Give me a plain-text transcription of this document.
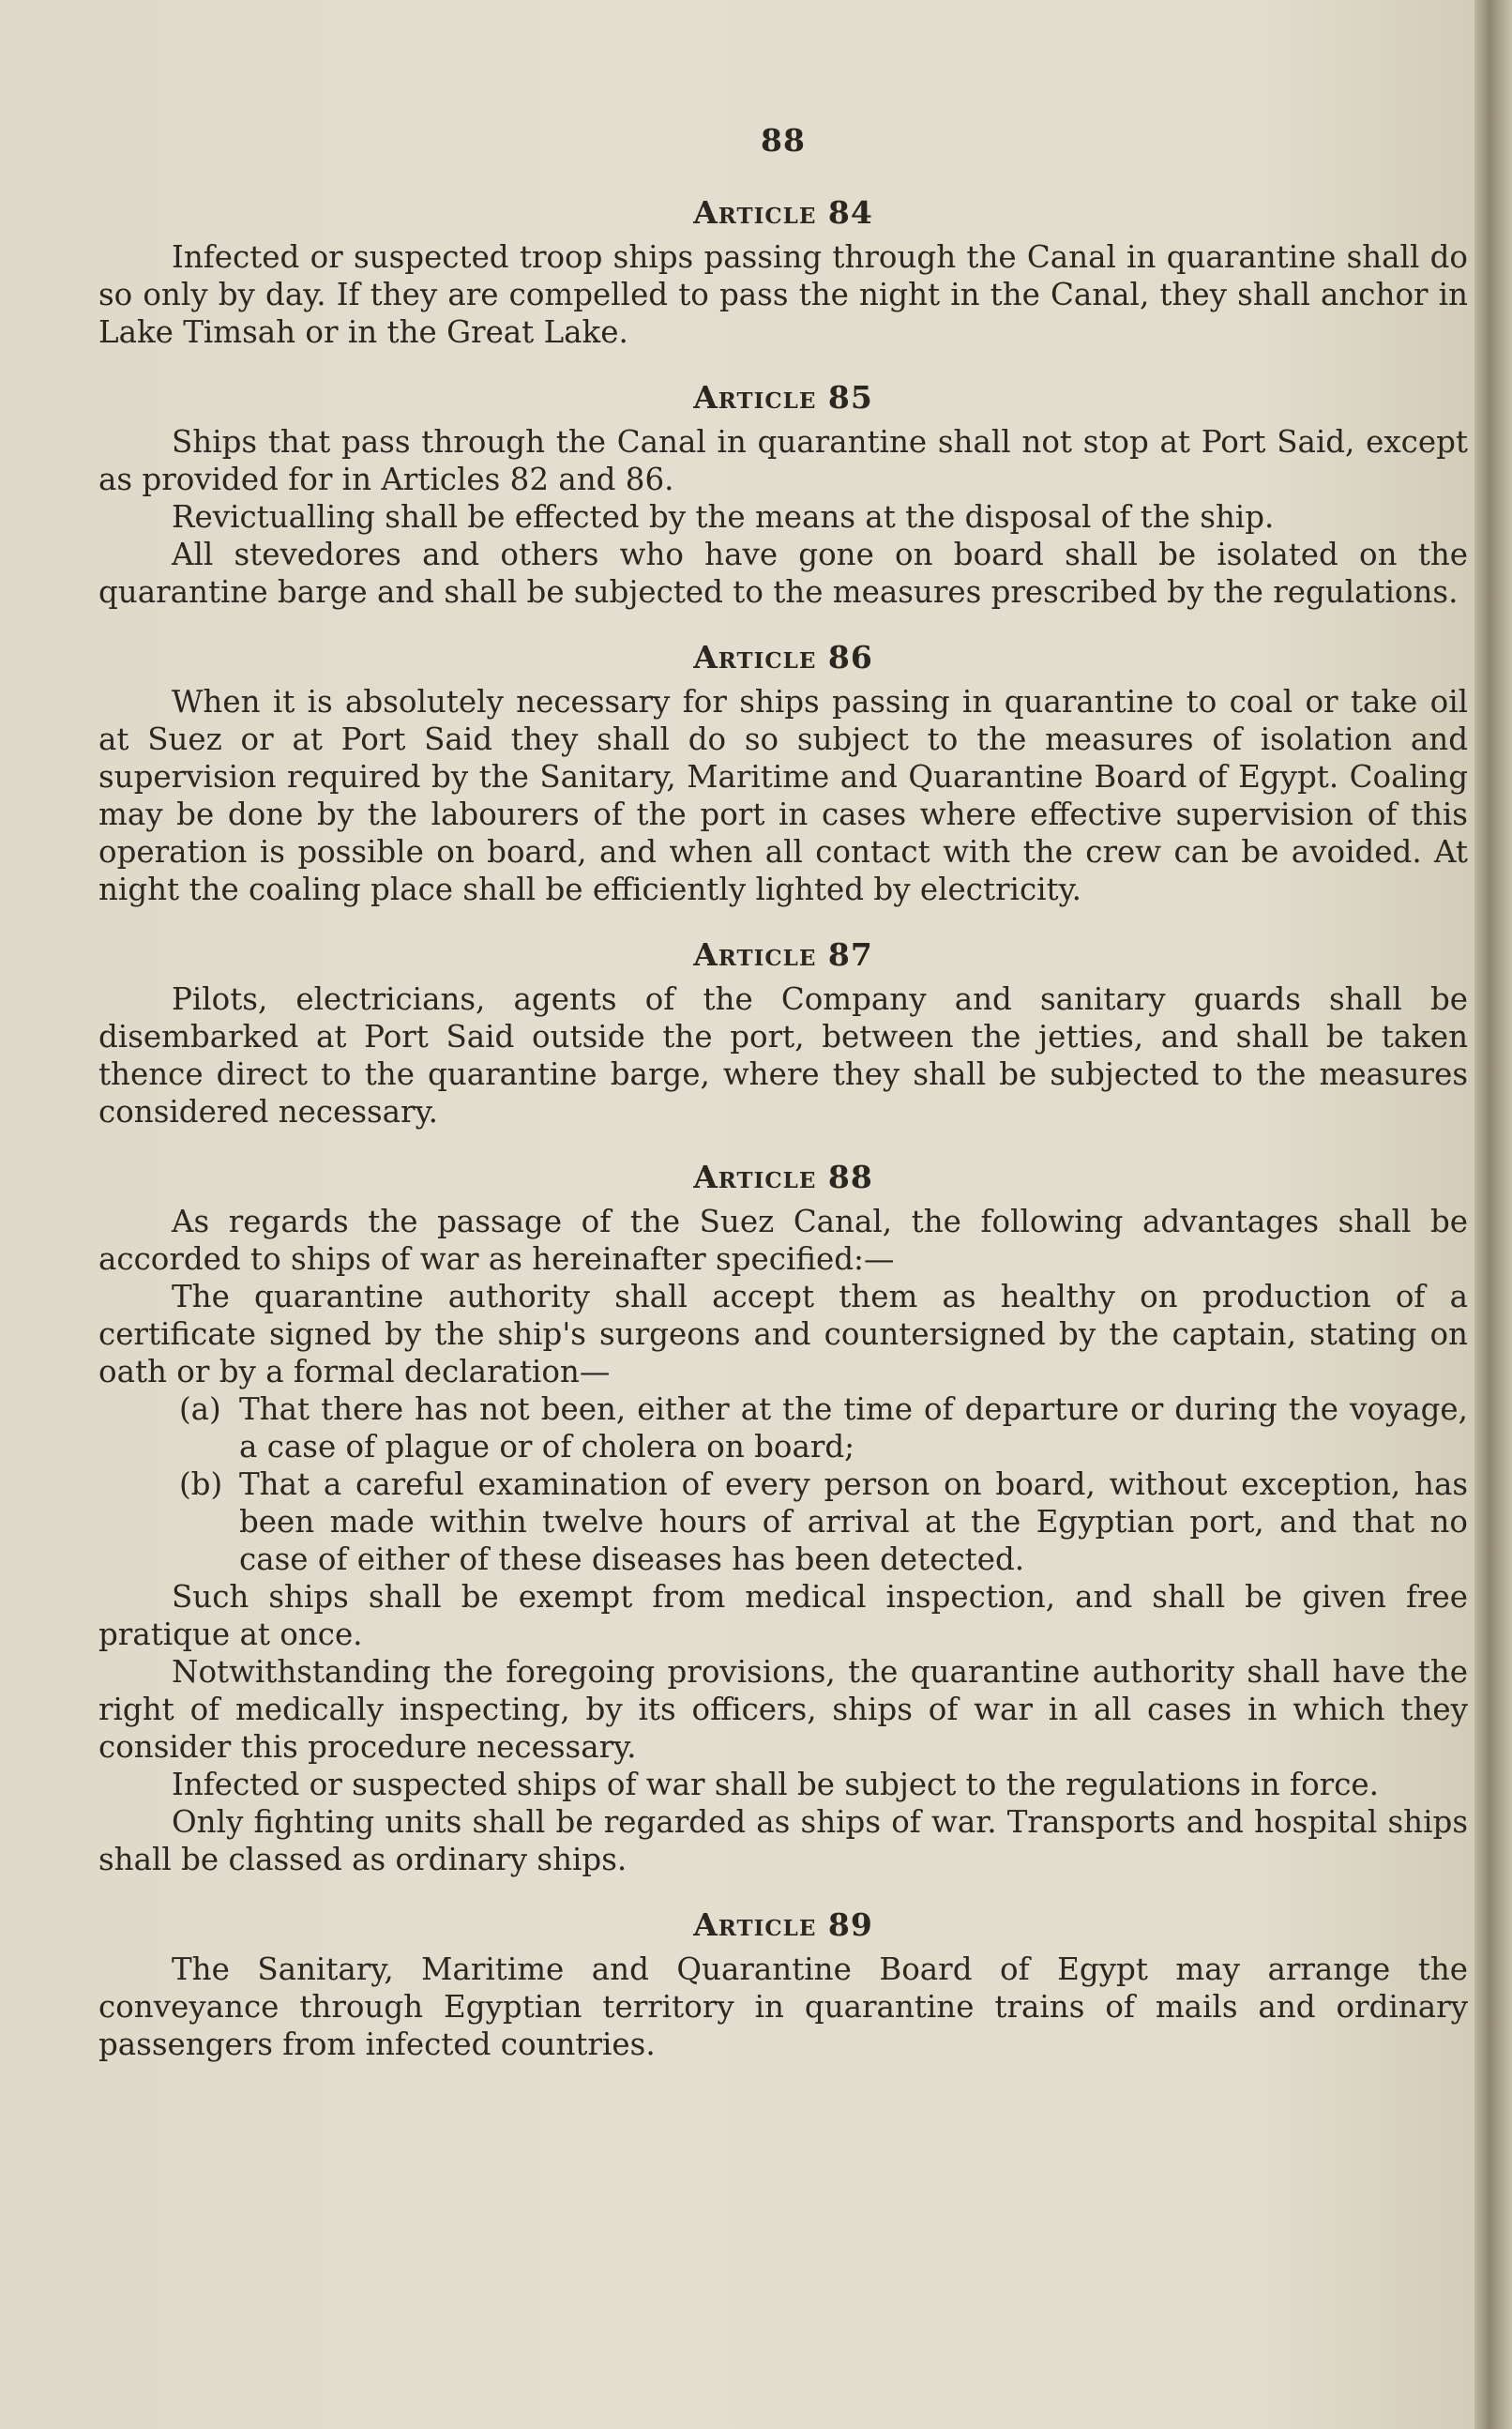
88
Article 84

Infected or suspected troop ships passing through the Canal in quarantine shall do so only by day. If they are compelled to pass the night in the Canal, they shall anchor in Lake Timsah or in the Great Lake.

Article 85

Ships that pass through the Canal in quarantine shall not stop at Port Said, except as provided for in Articles 82 and 86.

Revictualling shall be effected by the means at the disposal of the ship.

All stevedores and others who have gone on board shall be isolated on the quarantine barge and shall be subjected to the measures prescribed by the regulations.

Article 86

When it is absolutely necessary for ships passing in quarantine to coal or take oil at Suez or at Port Said they shall do so subject to the measures of isolation and supervision required by the Sanitary, Maritime and Quarantine Board of Egypt. Coaling may be done by the labourers of the port in cases where effective supervision of this operation is possible on board, and when all contact with the crew can be avoided. At night the coaling place shall be efficiently lighted by electricity.

Article 87

Pilots, electricians, agents of the Company and sanitary guards shall be disembarked at Port Said outside the port, between the jetties, and shall be taken thence direct to the quarantine barge, where they shall be subjected to the measures considered necessary.

Article 88

As regards the passage of the Suez Canal, the following advantages shall be accorded to ships of war as hereinafter specified:—

The quarantine authority shall accept them as healthy on production of a certificate signed by the ship's surgeons and countersigned by the captain, stating on oath or by a formal declaration—

(a) That there has not been, either at the time of departure or during the voyage, a case of plague or of cholera on board;
(b) That a careful examination of every person on board, without exception, has been made within twelve hours of arrival at the Egyptian port, and that no case of either of these diseases has been detected.

Such ships shall be exempt from medical inspection, and shall be given free pratique at once.

Notwithstanding the foregoing provisions, the quarantine authority shall have the right of medically inspecting, by its officers, ships of war in all cases in which they consider this procedure necessary.

Infected or suspected ships of war shall be subject to the regulations in force.

Only fighting units shall be regarded as ships of war. Transports and hospital ships shall be classed as ordinary ships.

Article 89

The Sanitary, Maritime and Quarantine Board of Egypt may arrange the conveyance through Egyptian territory in quarantine trains of mails and ordinary passengers from infected countries.
